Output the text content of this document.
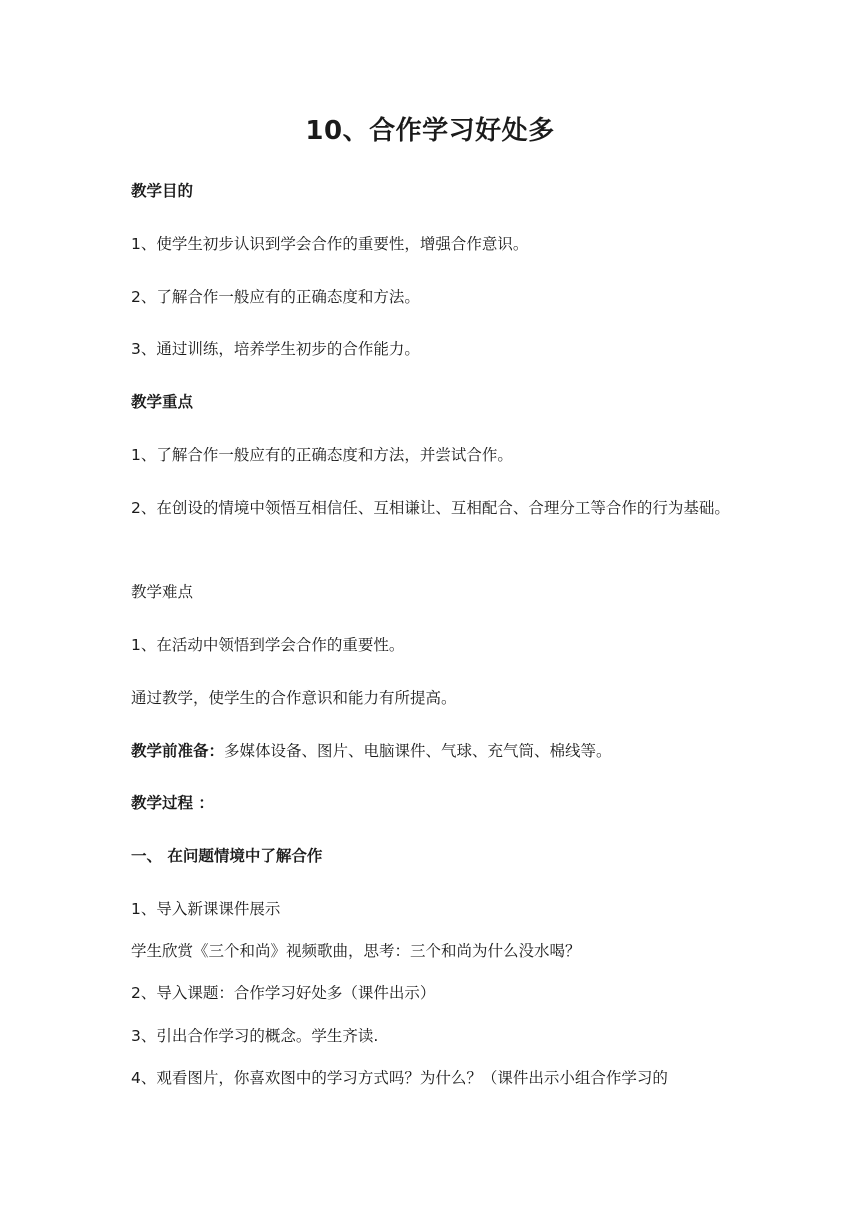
10、合作学习好处多
教学目的
1、使学生初步认识到学会合作的重要性，增强合作意识。
2、了解合作一般应有的正确态度和方法。
3、通过训练，培养学生初步的合作能力。
教学重点
1、了解合作一般应有的正确态度和方法，并尝试合作。
2、在创设的情境中领悟互相信任、互相谦让、互相配合、合理分工等合作的行为基础。
教学难点
1、在活动中领悟到学会合作的重要性。
通过教学，使学生的合作意识和能力有所提高。
教学前准备：多媒体设备、图片、电脑课件、气球、充气筒、棉线等。
教学过程 ：
一、 在问题情境中了解合作
1、导入新课课件展示
学生欣赏《三个和尚》视频歌曲，思考：三个和尚为什么没水喝？
2、导入课题：合作学习好处多（课件出示）
3、引出合作学习的概念。学生齐读.
4、观看图片，你喜欢图中的学习方式吗？为什么？（课件出示小组合作学习的
